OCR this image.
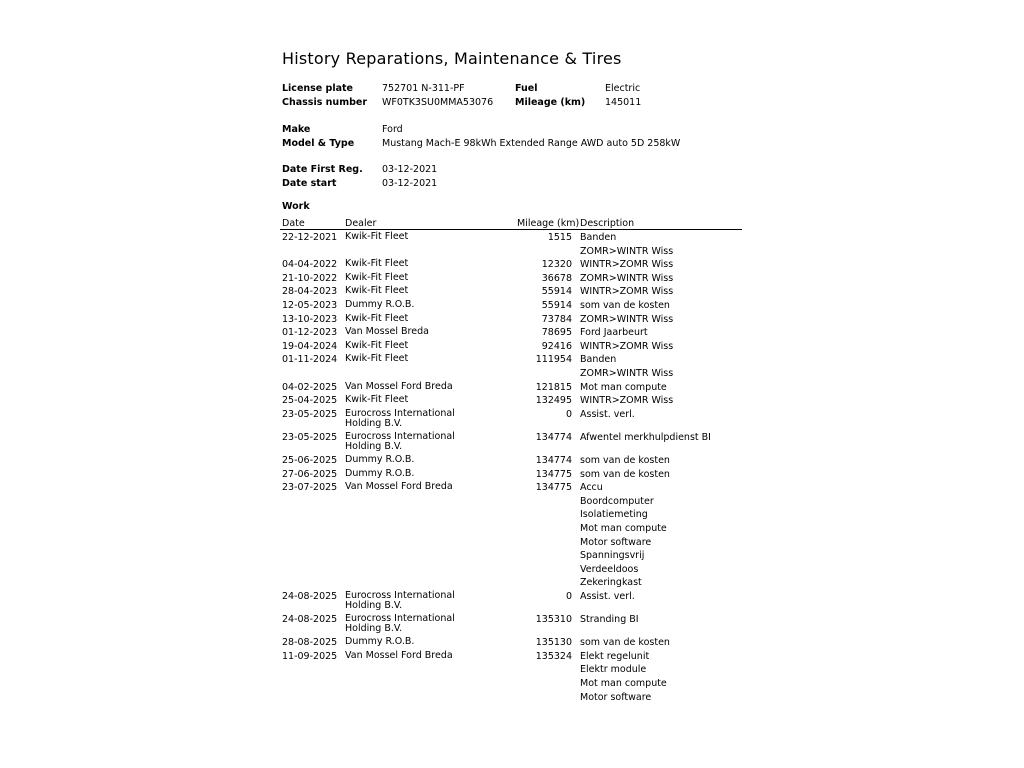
History Reparations, Maintenance & Tires
License plate	752701 N-311-PF	Fuel	Electric
Chassis number WF0TK3SU0MMA53076 Mileage (km) 145011
Make	Ford
Model & Type	Mustang Mach-E 98kWh Extended Range AWD auto 5D 258kW
Date First Reg. 03-12-2021
Date start	03-12-2021
Work
Date	Dealer	Mileage (km) Description
22-12-2021 Kwik-Fit Fleet	1515 Banden
ZOMR>WINTR Wiss
04-04-2022 Kwik-Fit Fleet	12320 WINTR>ZOMR Wiss
21-10-2022 Kwik-Fit Fleet	36678 ZOMR>WINTR Wiss
28-04-2023 Kwik-Fit Fleet	55914 WINTR>ZOMR Wiss
12-05-2023 Dummy R.O.B.	55914 som van de kosten
13-10-2023 Kwik-Fit Fleet	73784 ZOMR>WINTR Wiss
01-12-2023 Van Mossel Breda	78695 Ford Jaarbeurt
19-04-2024 Kwik-Fit Fleet	92416 WINTR>ZOMR Wiss
01-11-2024 Kwik-Fit Fleet	111954 Banden
ZOMR>WINTR Wiss
04-02-2025 Van Mossel Ford Breda	121815 Mot man compute
25-04-2025 Kwik-Fit Fleet	132495 WINTR>ZOMR Wiss
23-05-2025 Eurocross International Holding B.V.
0 Assist. verl.
23-05-2025 Eurocross International Holding B.V.
134774 Afwentel merkhulpdienst BI
25-06-2025 Dummy R.O.B.	134774 som van de kosten
27-06-2025 Dummy R.O.B.	134775 som van de kosten
23-07-2025 Van Mossel Ford Breda	134775 Accu
Boordcomputer
Isolatiemeting
Mot man compute
Motor software
Spanningsvrij
Verdeeldoos
Zekeringkast
24-08-2025 Eurocross International Holding B.V.
0 Assist. verl.
24-08-2025 Eurocross International Holding B.V.
135310 Stranding BI
28-08-2025 Dummy R.O.B.	135130 som van de kosten
11-09-2025 Van Mossel Ford Breda	135324 Elekt regelunit
Elektr module
Mot man compute
Motor software
